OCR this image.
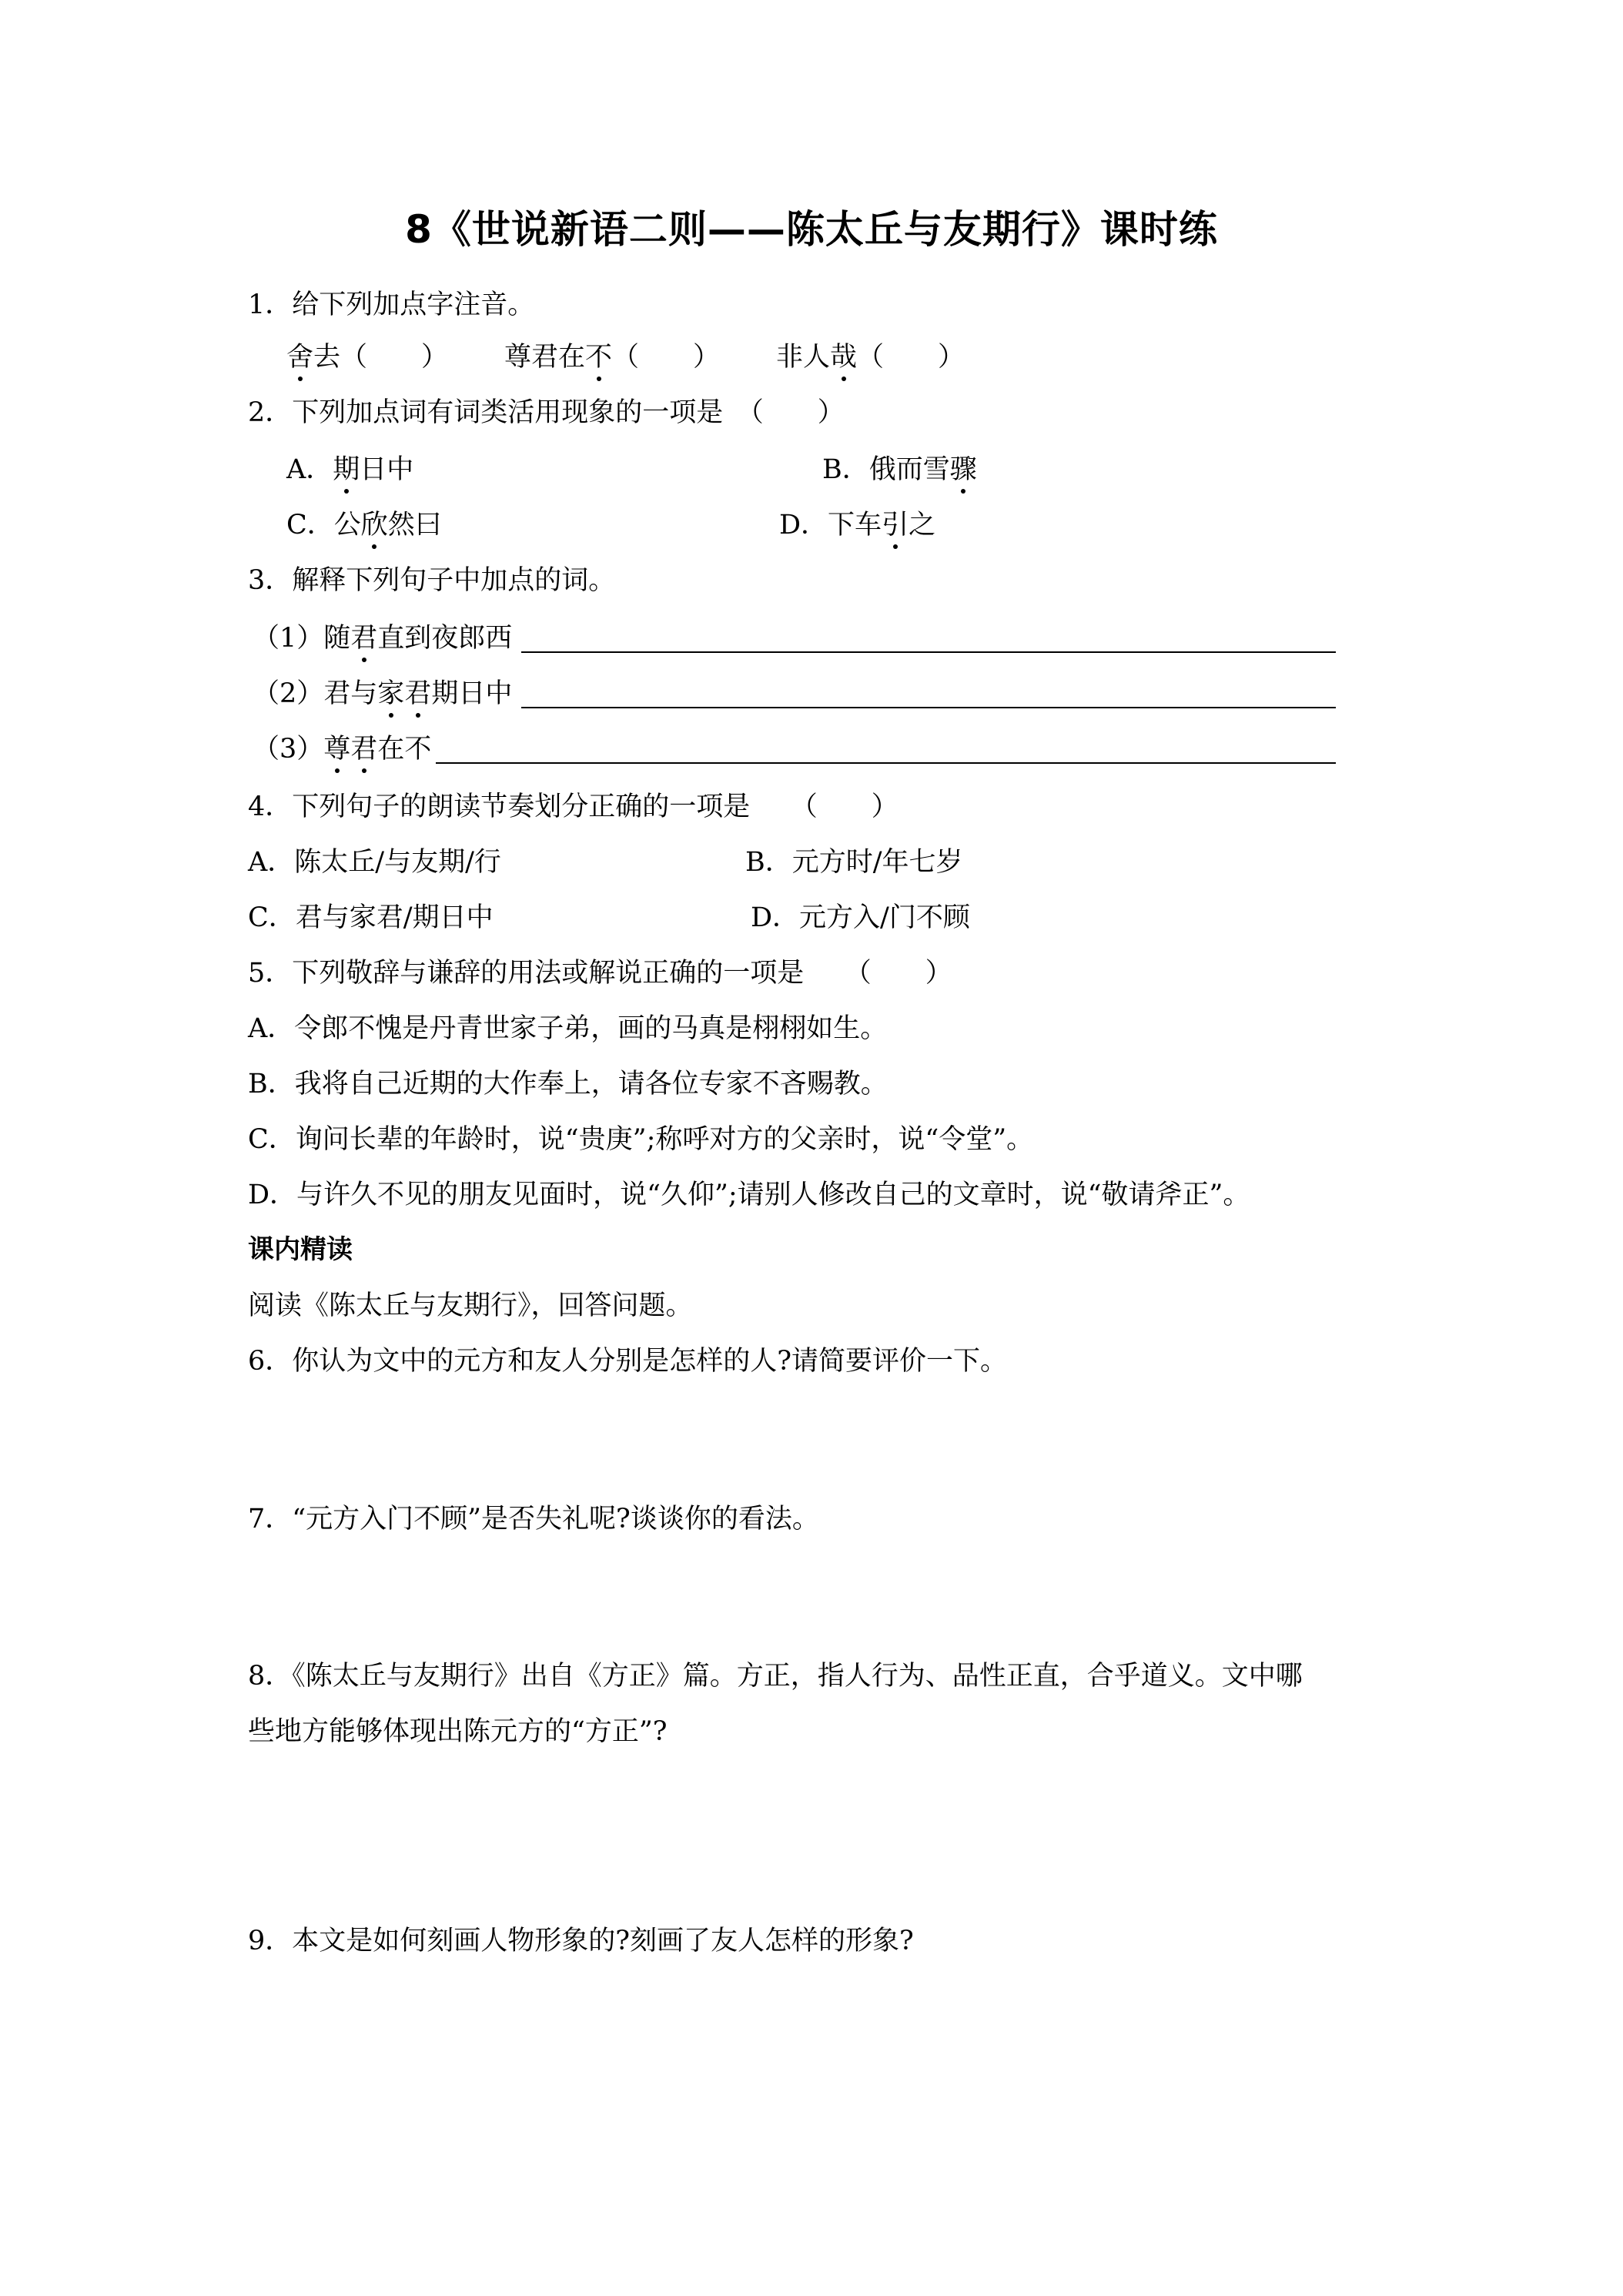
8《世说新语二则——陈太丘与友期行》课时练
1．给下列加点字注音。
舍去（　　） 尊君在不（　　） 非人哉（　　）
2．下列加点词有词类活用现象的一项是　（　　）
A．期日中	B．俄而雪骤
C．公欣然曰	D．下车引之
3．解释下列句子中加点的词。
（1）随君直到夜郎西
（2）君与家君期日中
（3）尊君在不
4．下列句子的朗读节奏划分正确的一项是　　（　　）
A．陈太丘/与友期/行	B．元方时/年七岁
C．君与家君/期日中	D．元方入/门不顾
5．下列敬辞与谦辞的用法或解说正确的一项是　　（　　）
A．令郎不愧是丹青世家子弟，画的马真是栩栩如生。
B．我将自己近期的大作奉上，请各位专家不吝赐教。
C．询问长辈的年龄时，说“贵庚”;称呼对方的父亲时，说“令堂”。
D．与许久不见的朋友见面时，说“久仰”;请别人修改自己的文章时，说“敬请斧正”。
课内精读
阅读《陈太丘与友期行》，回答问题。
6．你认为文中的元方和友人分别是怎样的人?请简要评价一下。
7．“元方入门不顾”是否失礼呢?谈谈你的看法。
8．《陈太丘与友期行》出自《方正》篇。方正，指人行为、品性正直，合乎道义。文中哪
些地方能够体现出陈元方的“方正”?
9．本文是如何刻画人物形象的?刻画了友人怎样的形象?
